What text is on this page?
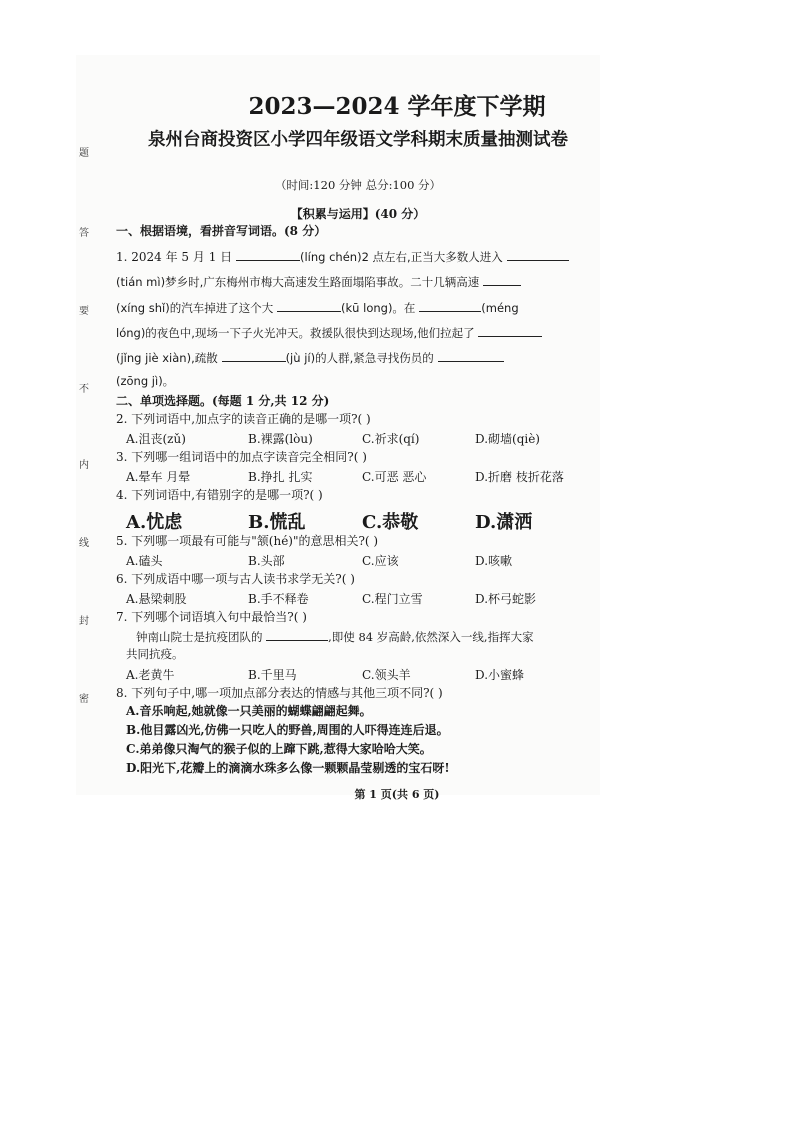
题
答
要
不
内
线
封
密
2023—2024 学年度下学期
泉州台商投资区小学四年级语文学科期末质量抽测试卷
（时间:120 分钟 总分:100 分）
【积累与运用】(40 分）
一、根据语境，看拼音写词语。(8 分）
1. 2024 年 5 月 1 日	(líng chén)2 点左右,正当大多数人进入
(tián mì)梦乡时,广东梅州市梅大高速发生路面塌陷事故。二十几辆高速
(xíng shǐ)的汽车掉进了这个大	(kū long)。在	(méng
lóng)的夜色中,现场一下子火光冲天。救援队很快到达现场,他们拉起了
(jǐng jiè xiàn),疏散	(jù jí)的人群,紧急寻找伤员的
(zōng jì)。
二、单项选择题。(每题 1 分,共 12 分)
2. 下列词语中,加点字的读音正确的是哪一项?( )
A.沮丧(zǔ)	B.裸露(lòu)	C.祈求(qí)	D.砌墙(qiè)
3. 下列哪一组词语中的加点字读音完全相同?( )
A.晕车 月晕	B.挣扎 扎实	C.可恶 恶心	D.折磨 枝折花落
4. 下列词语中,有错别字的是哪一项?( )
A.忧虑	B.慌乱	C.恭敬	D.潇洒
5. 下列哪一项最有可能与"颔(hé)"的意思相关?( )
A.磕头	B.头部	C.应该	D.咳嗽
6. 下列成语中哪一项与古人读书求学无关?( )
A.悬梁刺股	B.手不释卷	C.程门立雪	D.杯弓蛇影
7. 下列哪个词语填入句中最恰当?( )
钟南山院士是抗疫团队的	,即使 84 岁高龄,依然深入一线,指挥大家
共同抗疫。
A.老黄牛	B.千里马	C.领头羊	D.小蜜蜂
8. 下列句子中,哪一项加点部分表达的情感与其他三项不同?( )
A.音乐响起,她就像一只美丽的蝴蝶翩翩起舞。
B.他目露凶光,仿佛一只吃人的野兽,周围的人吓得连连后退。
C.弟弟像只淘气的猴子似的上蹿下跳,惹得大家哈哈大笑。
D.阳光下,花瓣上的滴滴水珠多么像一颗颗晶莹剔透的宝石呀!
第 1 页(共 6 页)
